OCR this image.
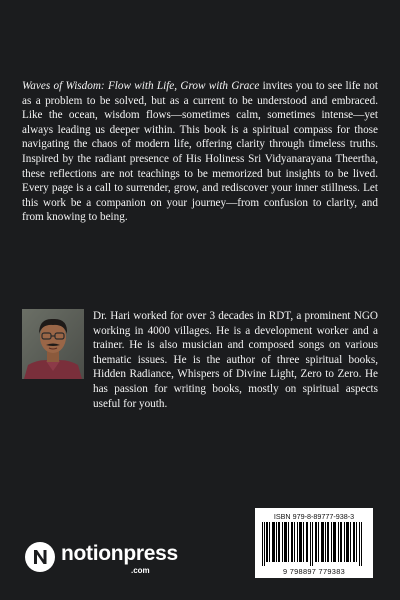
Waves of Wisdom: Flow with Life, Grow with Grace invites you to see life not as a problem to be solved, but as a current to be understood and embraced. Like the ocean, wisdom flows—sometimes calm, sometimes intense—yet always leading us deeper within. This book is a spiritual compass for those navigating the chaos of modern life, offering clarity through timeless truths. Inspired by the radiant presence of His Holiness Sri Vidyanarayana Theertha, these reflections are not teachings to be memorized but insights to be lived. Every page is a call to surrender, grow, and rediscover your inner stillness. Let this work be a companion on your journey—from confusion to clarity, and from knowing to being.
Dr. Hari worked for over 3 decades in RDT, a prominent NGO working in 4000 villages. He is a development worker and a trainer. He is also musician and composed songs on various thematic issues. He is the author of three spiritual books, Hidden Radiance, Whispers of Divine Light, Zero to Zero. He has passion for writing books, mostly on spiritual aspects useful for youth.
ISBN 979-8-89777-938-3
9 798897 779383
notionpress
.com
